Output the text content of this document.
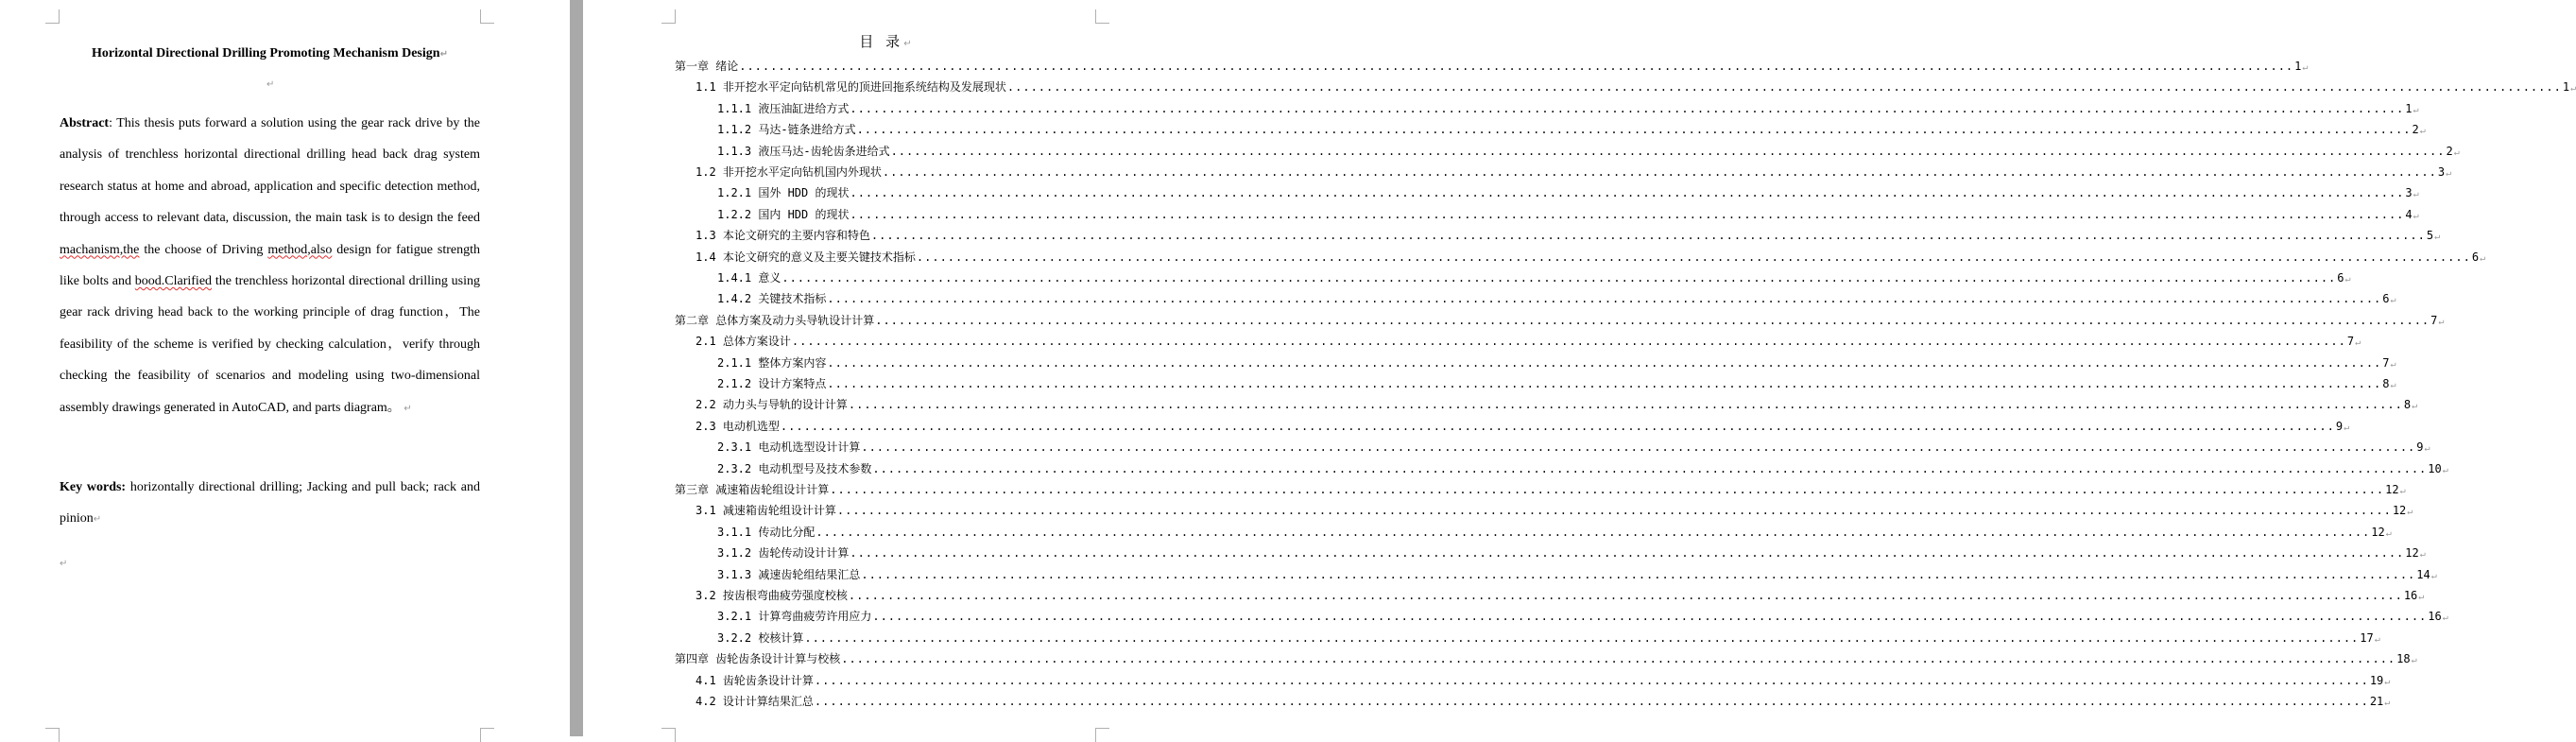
Horizontal Directional Drilling Promoting Mechanism Design↵
↵

Abstract: This thesis puts forward a solution using the gear rack drive by the analysis of trenchless horizontal directional drilling head back drag system research status at home and abroad, application and specific detection method, through access to relevant data, discussion, the main task is to design the feed machanism,the the choose of Driving method,also design for fatigue strength like bolts and bood.Clarified the trenchless horizontal directional drilling using gear rack driving head back to the working principle of drag function，The feasibility of the scheme is verified by checking calculation，verify through checking the feasibility of scenarios and modeling using two-dimensional assembly drawings generated in AutoCAD, and parts diagram。 ↵

Key words: horizontally directional drilling; Jacking and pull back; rack and pinion↵

↵
目 录↵
第一章 绪论 ........................................................................................................................................................................................................ 1 ↵
1.1 非开挖水平定向钻机常见的顶进回拖系统结构及发展现状 ........................................................................................................................................................................................................ 1 ↵
1.1.1 液压油缸进给方式 ........................................................................................................................................................................................................ 1 ↵
1.1.2 马达-链条进给方式 ........................................................................................................................................................................................................ 2 ↵
1.1.3 液压马达-齿轮齿条进给式 ........................................................................................................................................................................................................ 2 ↵
1.2 非开挖水平定向钻机国内外现状 ........................................................................................................................................................................................................ 3 ↵
1.2.1 国外 HDD 的现状 ........................................................................................................................................................................................................ 3 ↵
1.2.2 国内 HDD 的现状 ........................................................................................................................................................................................................ 4 ↵
1.3 本论文研究的主要内容和特色 ........................................................................................................................................................................................................ 5 ↵
1.4 本论文研究的意义及主要关键技术指标 ........................................................................................................................................................................................................ 6 ↵
1.4.1 意义 ........................................................................................................................................................................................................ 6 ↵
1.4.2 关键技术指标 ........................................................................................................................................................................................................ 6 ↵
第二章 总体方案及动力头导轨设计计算 ........................................................................................................................................................................................................ 7 ↵
2.1 总体方案设计 ........................................................................................................................................................................................................ 7 ↵
2.1.1 整体方案内容 ........................................................................................................................................................................................................ 7 ↵
2.1.2 设计方案特点 ........................................................................................................................................................................................................ 8 ↵
2.2 动力头与导轨的设计计算 ........................................................................................................................................................................................................ 8 ↵
2.3 电动机选型 ........................................................................................................................................................................................................ 9 ↵
2.3.1 电动机选型设计计算 ........................................................................................................................................................................................................ 9 ↵
2.3.2 电动机型号及技术参数 ........................................................................................................................................................................................................ 10 ↵
第三章 减速箱齿轮组设计计算 ........................................................................................................................................................................................................ 12 ↵
3.1 减速箱齿轮组设计计算 ........................................................................................................................................................................................................ 12 ↵
3.1.1 传动比分配 ........................................................................................................................................................................................................ 12 ↵
3.1.2 齿轮传动设计计算 ........................................................................................................................................................................................................ 12 ↵
3.1.3 减速齿轮组结果汇总 ........................................................................................................................................................................................................ 14 ↵
3.2 按齿根弯曲疲劳强度校核 ........................................................................................................................................................................................................ 16 ↵
3.2.1 计算弯曲疲劳许用应力 ........................................................................................................................................................................................................ 16 ↵
3.2.2 校核计算 ........................................................................................................................................................................................................ 17 ↵
第四章 齿轮齿条设计计算与校核 ........................................................................................................................................................................................................ 18 ↵
4.1 齿轮齿条设计计算 ........................................................................................................................................................................................................ 19 ↵
4.2 设计计算结果汇总 ........................................................................................................................................................................................................ 21 ↵
